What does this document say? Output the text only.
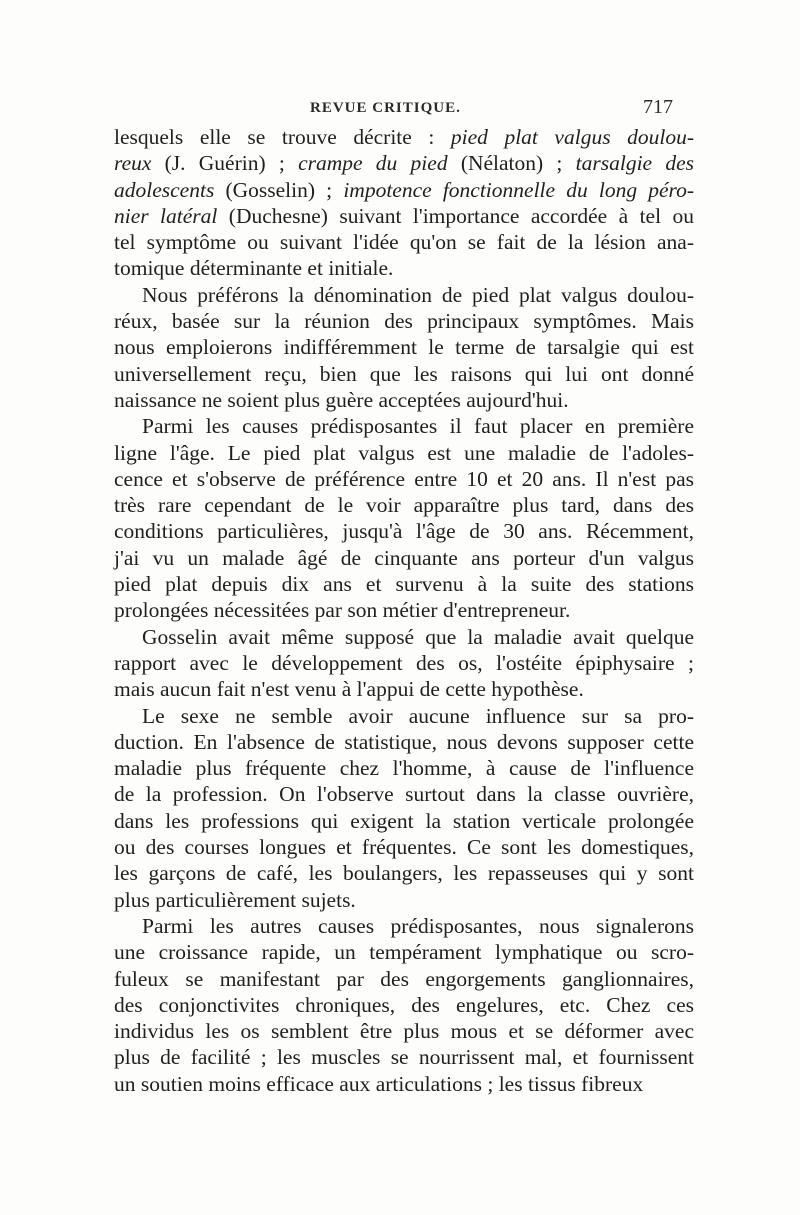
REVUE CRITIQUE.	717
lesquels elle se trouve décrite : pied plat valgus doulou-
reux (J. Guérin) ; crampe du pied (Nélaton) ; tarsalgie des
adolescents (Gosselin) ; impotence fonctionnelle du long péro-
nier latéral (Duchesne) suivant l'importance accordée à tel ou
tel symptôme ou suivant l'idée qu'on se fait de la lésion ana-
tomique déterminante et initiale.
Nous préférons la dénomination de pied plat valgus doulou-
réux, basée sur la réunion des principaux symptômes. Mais
nous emploierons indifféremment le terme de tarsalgie qui est
universellement reçu, bien que les raisons qui lui ont donné
naissance ne soient plus guère acceptées aujourd'hui.
Parmi les causes prédisposantes il faut placer en première
ligne l'âge. Le pied plat valgus est une maladie de l'adoles-
cence et s'observe de préférence entre 10 et 20 ans. Il n'est pas
très rare cependant de le voir apparaître plus tard, dans des
conditions particulières, jusqu'à l'âge de 30 ans. Récemment,
j'ai vu un malade âgé de cinquante ans porteur d'un valgus
pied plat depuis dix ans et survenu à la suite des stations
prolongées nécessitées par son métier d'entrepreneur.
Gosselin avait même supposé que la maladie avait quelque
rapport avec le développement des os, l'ostéite épiphysaire ;
mais aucun fait n'est venu à l'appui de cette hypothèse.
Le sexe ne semble avoir aucune influence sur sa pro-
duction. En l'absence de statistique, nous devons supposer cette
maladie plus fréquente chez l'homme, à cause de l'influence
de la profession. On l'observe surtout dans la classe ouvrière,
dans les professions qui exigent la station verticale prolongée
ou des courses longues et fréquentes. Ce sont les domestiques,
les garçons de café, les boulangers, les repasseuses qui y sont
plus particulièrement sujets.
Parmi les autres causes prédisposantes, nous signalerons
une croissance rapide, un tempérament lymphatique ou scro-
fuleux se manifestant par des engorgements ganglionnaires,
des conjonctivites chroniques, des engelures, etc. Chez ces
individus les os semblent être plus mous et se déformer avec
plus de facilité ; les muscles se nourrissent mal, et fournissent
un soutien moins efficace aux articulations ; les tissus fibreux
